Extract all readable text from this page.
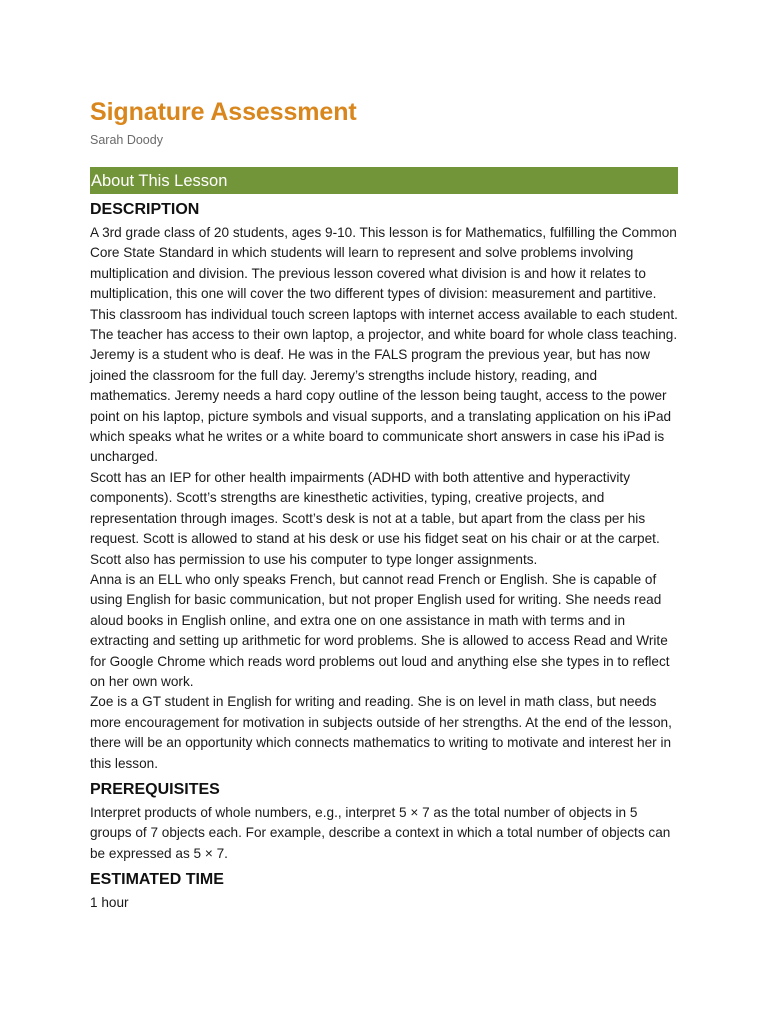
Signature Assessment

Sarah Doody

About This Lesson
DESCRIPTION

A 3rd grade class of 20 students, ages 9-10. This lesson is for Mathematics, fulfilling the Common Core State Standard in which students will learn to represent and solve problems involving multiplication and division. The previous lesson covered what division is and how it relates to multiplication, this one will cover the two different types of division: measurement and partitive. This classroom has individual touch screen laptops with internet access available to each student. The teacher has access to their own laptop, a projector, and white board for whole class teaching.

Jeremy is a student who is deaf. He was in the FALS program the previous year, but has now joined the classroom for the full day. Jeremy’s strengths include history, reading, and mathematics. Jeremy needs a hard copy outline of the lesson being taught, access to the power point on his laptop, picture symbols and visual supports, and a translating application on his iPad which speaks what he writes or a white board to communicate short answers in case his iPad is uncharged.

Scott has an IEP for other health impairments (ADHD with both attentive and hyperactivity components). Scott’s strengths are kinesthetic activities, typing, creative projects, and representation through images. Scott’s desk is not at a table, but apart from the class per his request. Scott is allowed to stand at his desk or use his fidget seat on his chair or at the carpet. Scott also has permission to use his computer to type longer assignments.

Anna is an ELL who only speaks French, but cannot read French or English. She is capable of using English for basic communication, but not proper English used for writing. She needs read aloud books in English online, and extra one on one assistance in math with terms and in extracting and setting up arithmetic for word problems. She is allowed to access Read and Write for Google Chrome which reads word problems out loud and anything else she types in to reflect on her own work.

Zoe is a GT student in English for writing and reading. She is on level in math class, but needs more encouragement for motivation in subjects outside of her strengths. At the end of the lesson, there will be an opportunity which connects mathematics to writing to motivate and interest her in this lesson.

PREREQUISITES

Interpret products of whole numbers, e.g., interpret 5 × 7 as the total number of objects in 5 groups of 7 objects each. For example, describe a context in which a total number of objects can be expressed as 5 × 7.

ESTIMATED TIME

1 hour
